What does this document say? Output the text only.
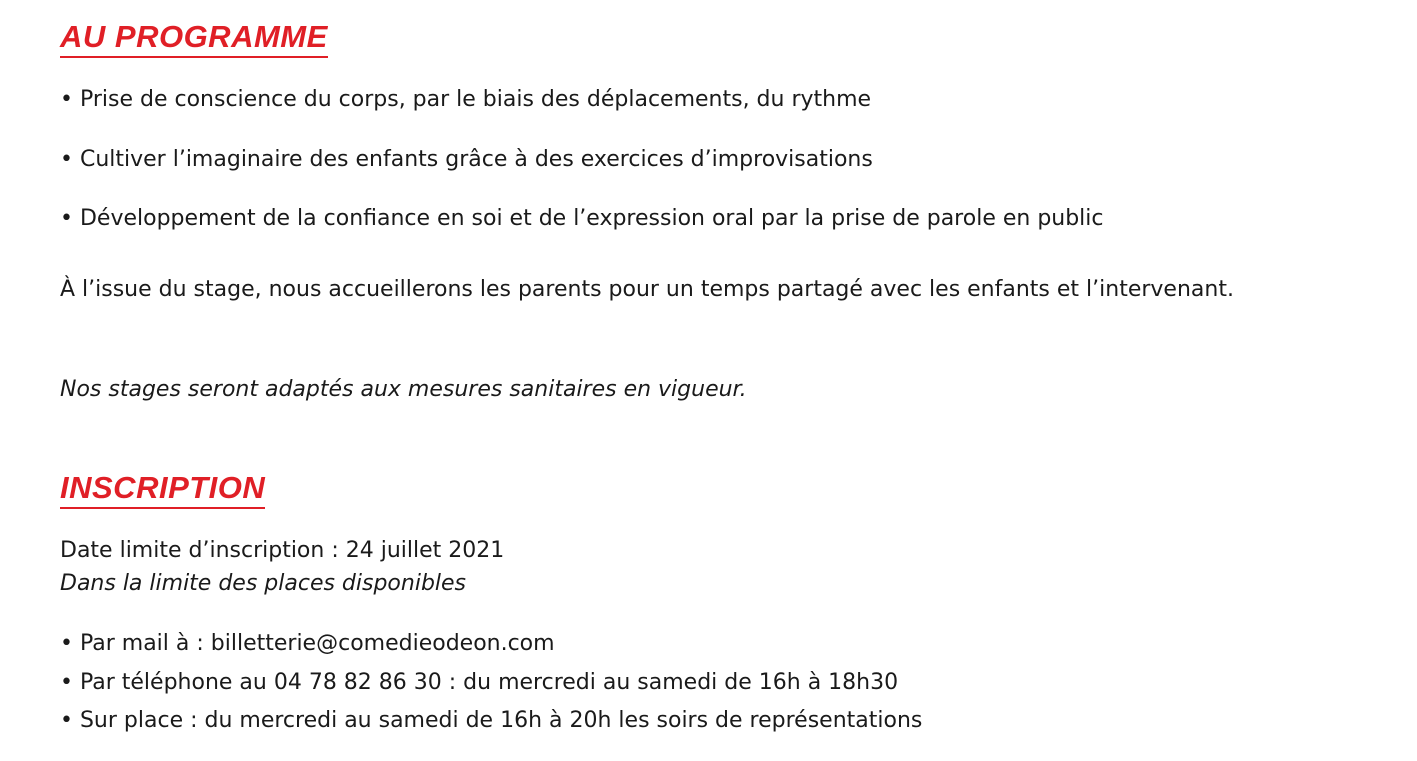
AU PROGRAMME
• Prise de conscience du corps, par le biais des déplacements, du rythme
• Cultiver l’imaginaire des enfants grâce à des exercices d’improvisations
• Développement de la confiance en soi et de l’expression oral par la prise de parole en public
À l’issue du stage, nous accueillerons les parents pour un temps partagé avec les enfants et l’intervenant.
Nos stages seront adaptés aux mesures sanitaires en vigueur.
INSCRIPTION
Date limite d’inscription : 24 juillet 2021
Dans la limite des places disponibles
• Par mail à : billetterie@comedieodeon.com
• Par téléphone au 04 78 82 86 30 : du mercredi au samedi de 16h à 18h30
• Sur place : du mercredi au samedi de 16h à 20h les soirs de représentations
